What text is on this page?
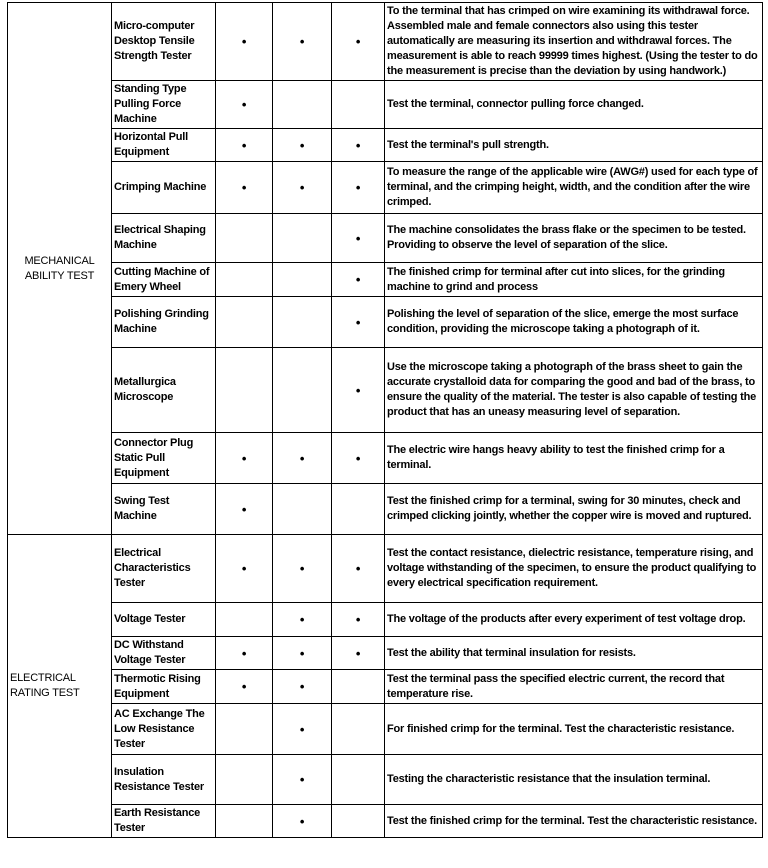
MECHANICAL ABILITY TEST	Micro-computer Desktop Tensile Strength Tester	•	•	•	To the terminal that has crimped on wire examining its withdrawal force. Assembled male and female connectors also using this tester automatically are measuring its insertion and withdrawal forces. The measurement is able to reach 99999 times highest. (Using the tester to do the measurement is precise than the deviation by using handwork.)
	Standing Type Pulling Force Machine	•			Test the terminal, connector pulling force changed.
	Horizontal Pull Equipment	•	•	•	Test the terminal's pull strength.
	Crimping Machine	•	•	•	To measure the range of the applicable wire (AWG#) used for each type of terminal, and the crimping height, width, and the condition after the wire crimped.
	Electrical Shaping Machine			•	The machine consolidates the brass flake or the specimen to be tested. Providing to observe the level of separation of the slice.
	Cutting Machine of Emery Wheel			•	The finished crimp for terminal after cut into slices, for the grinding machine to grind and process
	Polishing Grinding Machine			•	Polishing the level of separation of the slice, emerge the most surface condition, providing the microscope taking a photograph of it.
	Metallurgica Microscope			•	Use the microscope taking a photograph of the brass sheet to gain the accurate crystalloid data for comparing the good and bad of the brass, to ensure the quality of the material. The tester is also capable of testing the product that has an uneasy measuring level of separation.
	Connector Plug Static Pull Equipment	•	•	•	The electric wire hangs heavy ability to test the finished crimp for a terminal.
	Swing Test Machine	•			Test the finished crimp for a terminal, swing for 30 minutes, check and crimped clicking jointly, whether the copper wire is moved and ruptured.
ELECTRICAL RATING TEST	Electrical Characteristics Tester	•	•	•	Test the contact resistance, dielectric resistance, temperature rising, and voltage withstanding of the specimen, to ensure the product qualifying to every electrical specification requirement.
	Voltage Tester		•	•	The voltage of the products after every experiment of test voltage drop.
	DC Withstand Voltage Tester	•	•	•	Test the ability that terminal insulation for resists.
	Thermotic Rising Equipment	•	•		Test the terminal pass the specified electric current, the record that temperature rise.
	AC Exchange The Low Resistance Tester		•		For finished crimp for the terminal. Test the characteristic resistance.
	Insulation Resistance Tester		•		Testing the characteristic resistance that the insulation terminal.
	Earth Resistance Tester		•		Test the finished crimp for the terminal. Test the characteristic resistance.
